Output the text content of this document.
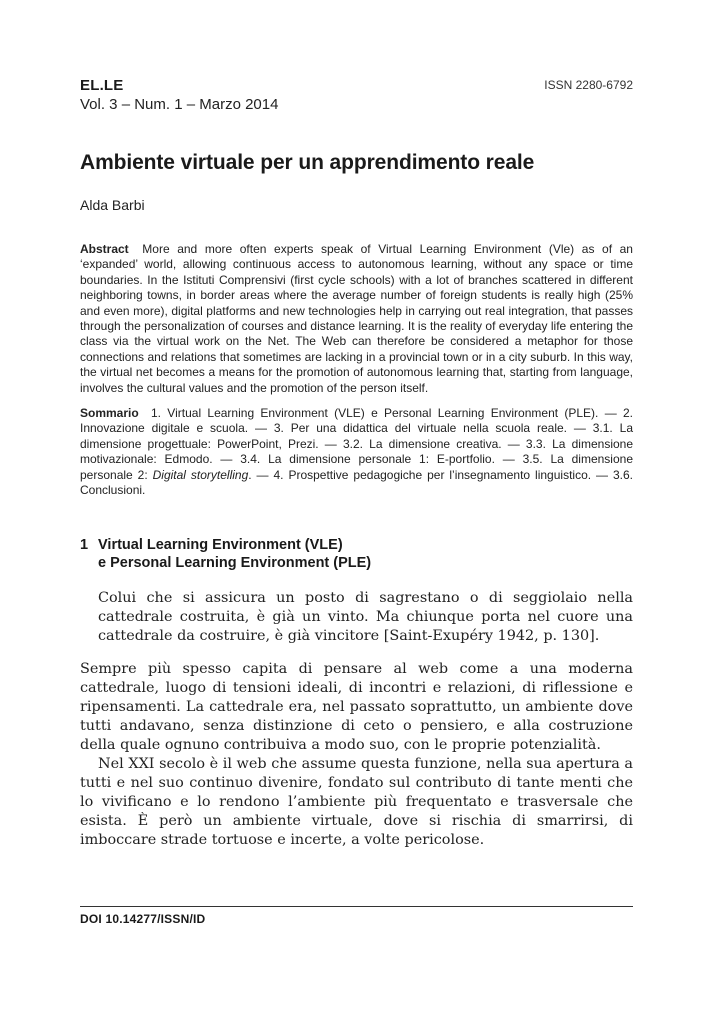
EL.LE
Vol. 3 – Num. 1 – Marzo 2014
ISSN 2280-6792
Ambiente virtuale per un apprendimento reale
Alda Barbi
Abstract More and more often experts speak of Virtual Learning Environment (Vle) as of an ‘expanded’ world, allowing continuous access to autonomous learning, without any space or time boundaries. In the Istituti Comprensivi (first cycle schools) with a lot of branches scattered in different neighboring towns, in border areas where the average number of foreign students is really high (25% and even more), digital platforms and new technologies help in carrying out real integration, that passes through the personalization of courses and distance learning. It is the reality of everyday life entering the class via the virtual work on the Net. The Web can therefore be considered a metaphor for those connections and relations that sometimes are lacking in a provincial town or in a city suburb. In this way, the virtual net becomes a means for the promotion of autonomous learning that, starting from language, involves the cultural values and the promotion of the person itself.
Sommario 1. Virtual Learning Environment (VLE) e Personal Learning Environment (PLE). — 2. Innovazione digitale e scuola. — 3. Per una didattica del virtuale nella scuola reale. — 3.1. La dimensione progettuale: PowerPoint, Prezi. — 3.2. La dimensione creativa. — 3.3. La dimensione motivazionale: Edmodo. — 3.4. La dimensione personale 1: E-portfolio. — 3.5. La dimensione personale 2: Digital storytelling. — 4. Prospettive pedagogiche per l’insegnamento linguistico. — 3.6. Conclusioni.
1 Virtual Learning Environment (VLE)
e Personal Learning Environment (PLE)
Colui che si assicura un posto di sagrestano o di seggiolaio nella cattedrale costruita, è già un vinto. Ma chiunque porta nel cuore una cattedrale da costruire, è già vincitore [Saint-Exupéry 1942, p. 130].

Sempre più spesso capita di pensare al web come a una moderna cattedrale, luogo di tensioni ideali, di incontri e relazioni, di riflessione e ripensamenti. La cattedrale era, nel passato soprattutto, un ambiente dove tutti andavano, senza distinzione di ceto o pensiero, e alla costruzione della quale ognuno contribuiva a modo suo, con le proprie potenzialità.

Nel XXI secolo è il web che assume questa funzione, nella sua apertura a tutti e nel suo continuo divenire, fondato sul contributo di tante menti che lo vivificano e lo rendono l’ambiente più frequentato e trasversale che esista. È però un ambiente virtuale, dove si rischia di smarrirsi, di imboccare strade tortuose e incerte, a volte pericolose.

DOI 10.14277/ISSN/ID
